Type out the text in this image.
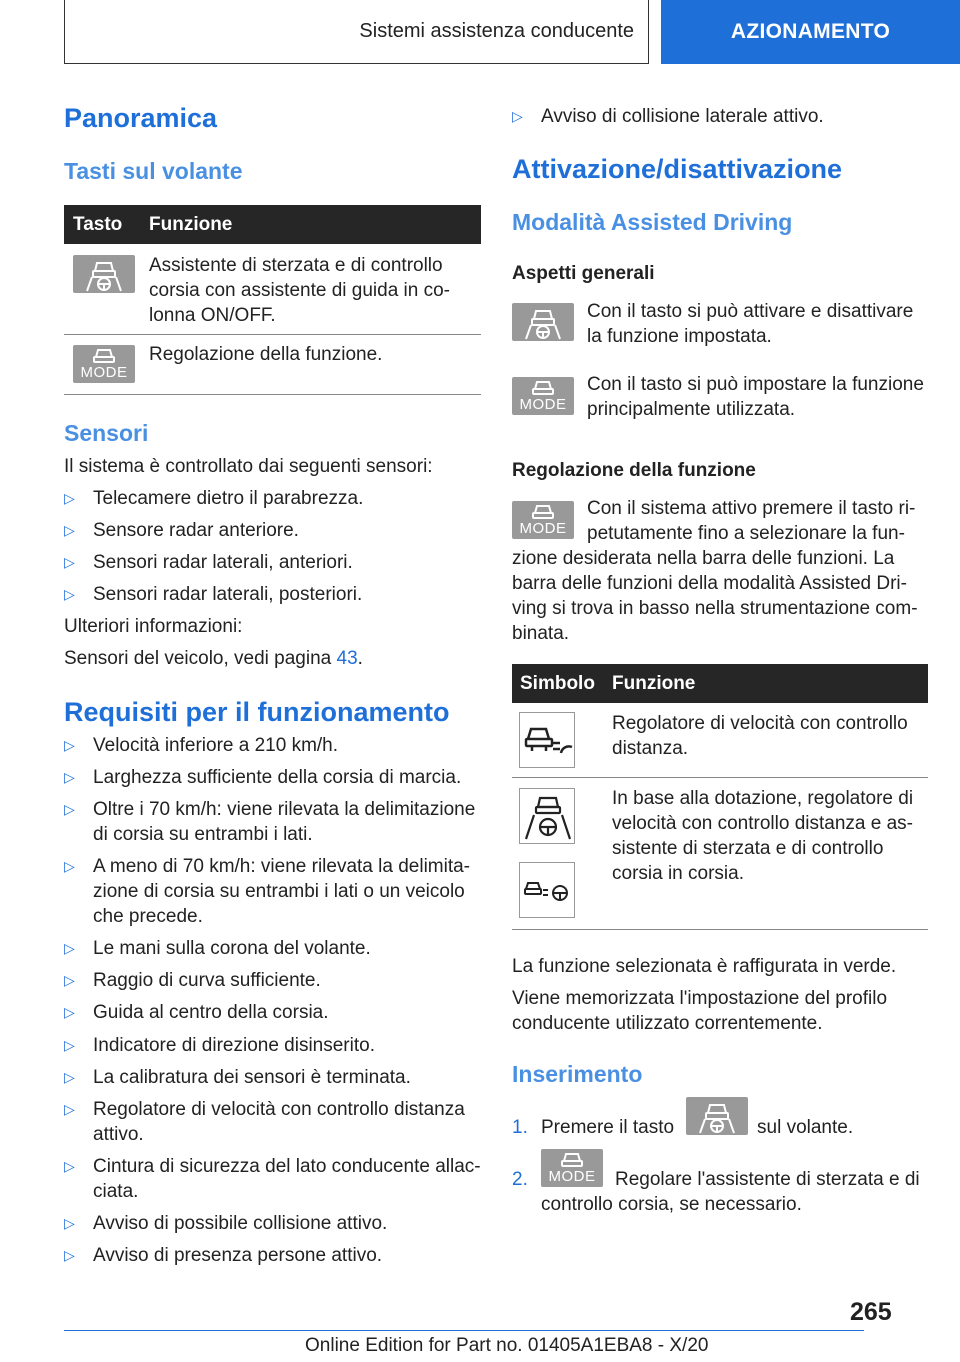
Sistemi assistenza conducente	AZIONAMENTO
Panoramica
Tasti sul volante
Tasto Funzione
Assistente di sterzata e di controllo corsia con assistente di guida in co- lonna ON/OFF.
MODE
Regolazione della funzione.
Sensori
Il sistema è controllato dai seguenti sensori:
▷ Telecamere dietro il parabrezza.
▷ Sensore radar anteriore.
▷ Sensori radar laterali, anteriori.
▷ Sensori radar laterali, posteriori.
Ulteriori informazioni:
Sensori del veicolo, vedi pagina 43.
Requisiti per il funzionamento
▷ Velocità inferiore a 210 km/h.
▷ Larghezza sufficiente della corsia di marcia.
▷ Oltre i 70 km/h: viene rilevata la delimitazione di corsia su entrambi i lati.
▷ A meno di 70 km/h: viene rilevata la delimita- zione di corsia su entrambi i lati o un veicolo che precede.
▷ Le mani sulla corona del volante.
▷ Raggio di curva sufficiente.
▷ Guida al centro della corsia.
▷ Indicatore di direzione disinserito.
▷ La calibratura dei sensori è terminata.
▷ Regolatore di velocità con controllo distanza attivo.
▷ Cintura di sicurezza del lato conducente allac- ciata.
▷ Avviso di possibile collisione attivo.
▷ Avviso di presenza persone attivo.
▷ Avviso di collisione laterale attivo.
Attivazione/disattivazione
Modalità Assisted Driving
Aspetti generali
Con il tasto si può attivare e disattivare la funzione impostata.
MODE
Con il tasto si può impostare la funzione principalmente utilizzata.
Regolazione della funzione
MODE
Con il sistema attivo premere il tasto ri-
petutamente fino a selezionare la fun-
zione desiderata nella barra delle funzioni. La barra delle funzioni della modalità Assisted Dri- ving si trova in basso nella strumentazione com- binata.
Simbolo Funzione
Regolatore di velocità con controllo distanza.
In base alla dotazione, regolatore di velocità con controllo distanza e as- sistente di sterzata e di controllo corsia in corsia.
La funzione selezionata è raffigurata in verde.
Viene memorizzata l'impostazione del profilo conducente utilizzato correntemente.
Inserimento
1. Premere il tasto	sul volante.
2.	MODE	Regolare l'assistente di sterzata e di
controllo corsia, se necessario.
265
Online Edition for Part no. 01405A1EBA8 - X/20
